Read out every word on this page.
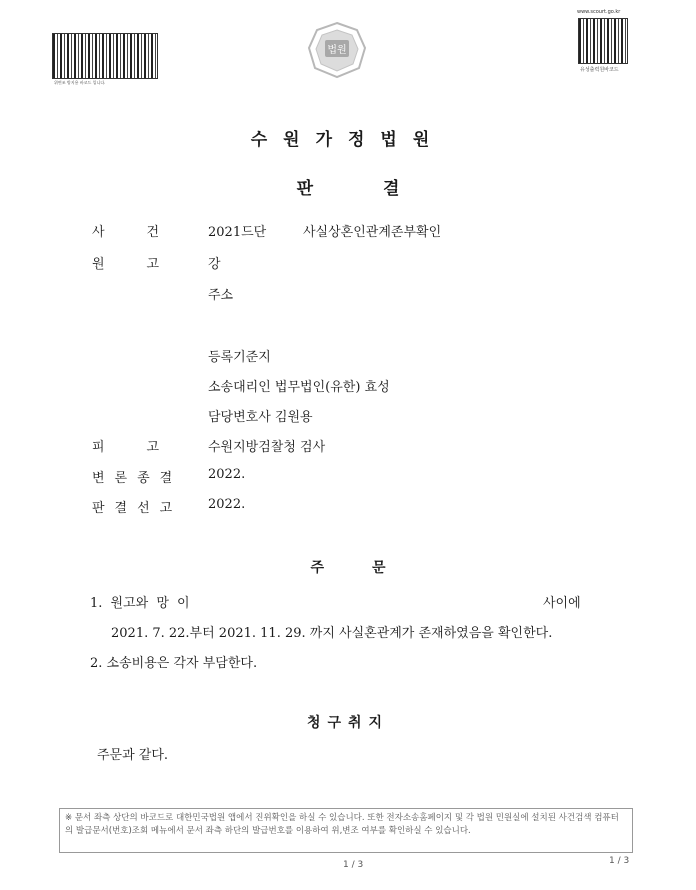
위변조 방지용 바코드 입니다.
법원
www.scourt.go.kr
유성출력원바코드
수원가정법원
판결
사건 2021드단	사실상혼인관계존부확인
원고 강
주소
등록기준지
소송대리인 법무법인(유한) 효성
담당변호사 김원용
피고 수원지방검찰청 검사
변론종결 2022.
판결선고 2022.
주문
1. 원고와 망 이	사이에
2021. 7. 22.부터 2021. 11. 29. 까지 사실혼관계가 존재하였음을 확인한다.
2. 소송비용은 각자 부담한다.
청구취지
주문과 같다.
※ 문서 좌측 상단의 바코드로 대한민국법원 앱에서 진위확인을 하실 수 있습니다. 또한 전자소송홈페이지 및 각 법원 민원실에 설치된 사건검색 컴퓨터의 발급문서(번호)조회 메뉴에서 문서 좌측 하단의 발급번호를 이용하여 위,변조 여부를 확인하실 수 있습니다.
1 / 3	1 / 3
